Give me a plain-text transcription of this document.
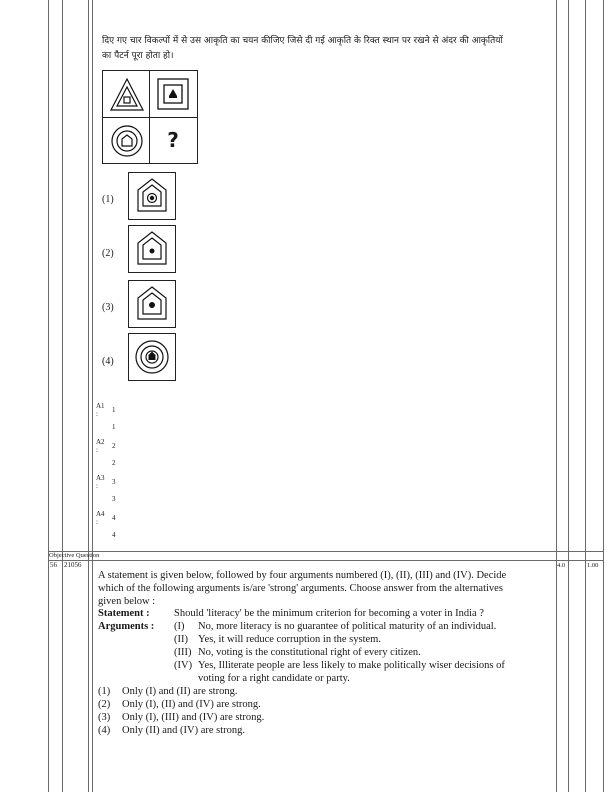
दिए गए चार विकल्पों में से उस आकृति का चयन कीजिए जिसे दी गई आकृति के रिक्त स्थान पर रखने से अंदर की आकृतियों
का पैटर्न पूरा होता हो।
?
(1)
(2)
(3)
(4)
A1 1
:
1
A2 2
:
2
A3 3
:
3
A4 4
:
4
Objective Question
56 21056	4.0	1.00
A statement is given below, followed by four arguments numbered (I), (II), (III) and (IV). Decide
which of the following arguments is/are 'strong' arguments. Choose answer from the alternatives
given below :
Statement : Should 'literacy' be the minimum criterion for becoming a voter in India ?
Arguments : (I) No, more literacy is no guarantee of political maturity of an individual.
(II) Yes, it will reduce corruption in the system.
(III) No, voting is the constitutional right of every citizen.
(IV) Yes, Illiterate people are less likely to make politically wiser decisions of
voting for a right candidate or party.
(1) Only (I) and (II) are strong.
(2) Only (I), (II) and (IV) are strong.
(3) Only (I), (III) and (IV) are strong.
(4) Only (II) and (IV) are strong.
